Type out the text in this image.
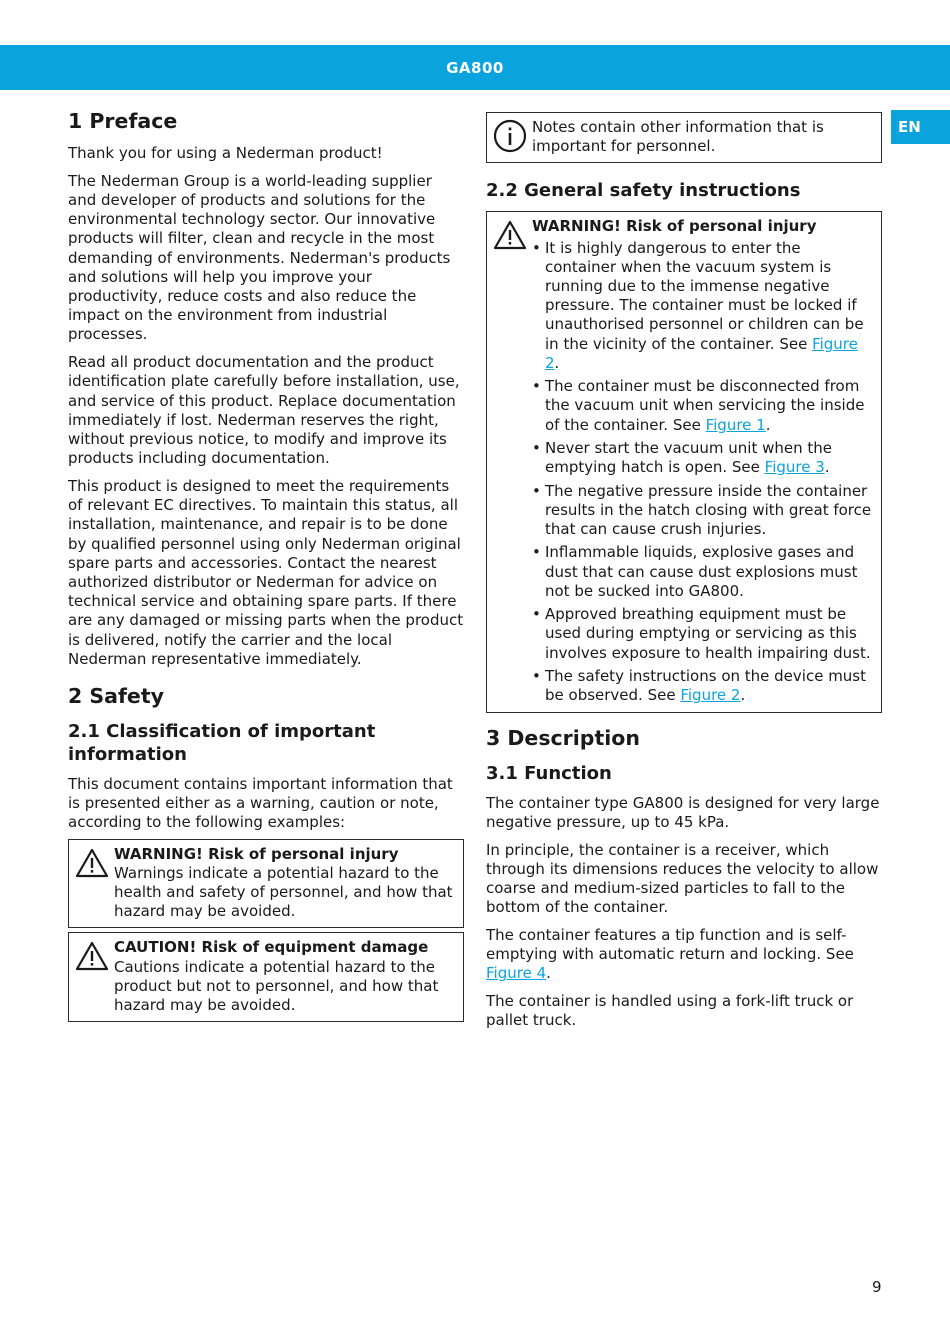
GA800
EN
1 Preface

Thank you for using a Nederman product!

The Nederman Group is a world-leading supplier and developer of products and solutions for the environmental technology sector. Our innovative products will filter, clean and recycle in the most demanding of environments. Nederman's products and solutions will help you improve your productivity, reduce costs and also reduce the impact on the environment from industrial processes.

Read all product documentation and the product identification plate carefully before installation, use, and service of this product. Replace documentation immediately if lost. Nederman reserves the right, without previous notice, to modify and improve its products including documentation.

This product is designed to meet the requirements of relevant EC directives. To maintain this status, all installation, maintenance, and repair is to be done by qualified personnel using only Nederman original spare parts and accessories. Contact the nearest authorized distributor or Nederman for advice on technical service and obtaining spare parts. If there are any damaged or missing parts when the product is delivered, notify the carrier and the local Nederman representative immediately.

2 Safety
2.1 Classification of important information

This document contains important information that is presented either as a warning, caution or note, according to the following examples:

WARNING! Risk of personal injury
Warnings indicate a potential hazard to the health and safety of personnel, and how that hazard may be avoided.
CAUTION! Risk of equipment damage
Cautions indicate a potential hazard to the product but not to personnel, and how that hazard may be avoided.
Notes contain other information that is important for personnel.
2.2 General safety instructions
WARNING! Risk of personal injury
• It is highly dangerous to enter the container when the vacuum system is running due to the immense negative pressure. The container must be locked if unauthorised personnel or children can be in the vicinity of the container. See Figure 2.
• The container must be disconnected from the vacuum unit when servicing the inside of the container. See Figure 1.
• Never start the vacuum unit when the emptying hatch is open. See Figure 3.
• The negative pressure inside the container results in the hatch closing with great force that can cause crush injuries.
• Inflammable liquids, explosive gases and dust that can cause dust explosions must not be sucked into GA800.
• Approved breathing equipment must be used during emptying or servicing as this involves exposure to health impairing dust.
• The safety instructions on the device must be observed. See Figure 2.
3 Description
3.1 Function

The container type GA800 is designed for very large negative pressure, up to 45 kPa.

In principle, the container is a receiver, which through its dimensions reduces the velocity to allow coarse and medium-sized particles to fall to the bottom of the container.

The container features a tip function and is self-emptying with automatic return and locking. See Figure 4.

The container is handled using a fork-lift truck or pallet truck.

9
